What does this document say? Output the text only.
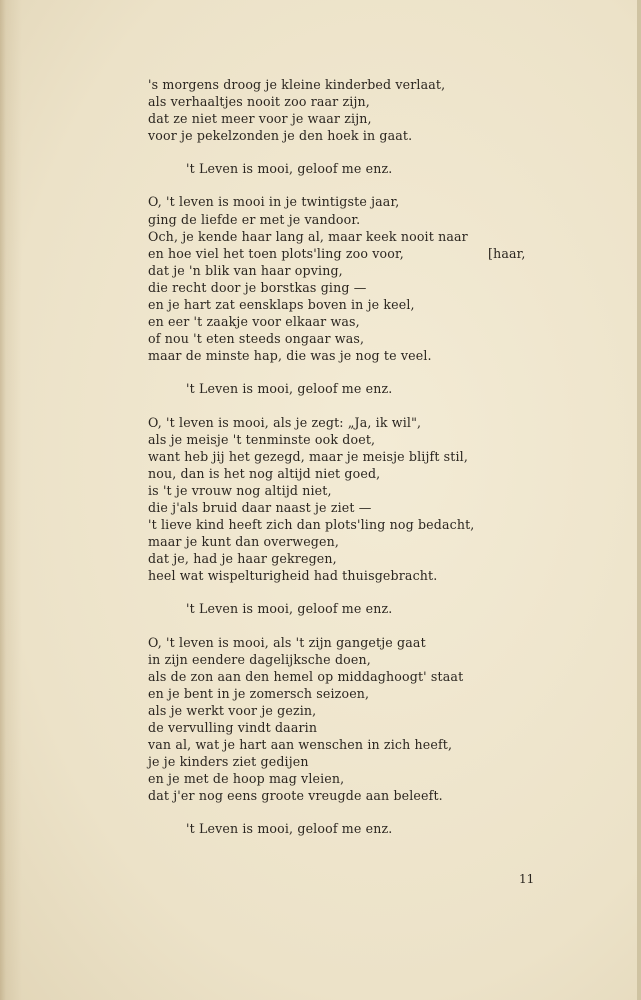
's morgens droog je kleine kinderbed verlaat,
als verhaaltjes nooit zoo raar zijn,
dat ze niet meer voor je waar zijn,
voor je pekelzonden je den hoek in gaat.
't Leven is mooi, geloof me enz.
O, 't leven is mooi in je twintigste jaar,
ging de liefde er met je vandoor.
Och, je kende haar lang al, maar keek nooit naar
en hoe viel het toen plots'ling zoo voor,	[haar,
dat je 'n blik van haar opving,
die recht door je borstkas ging —
en je hart zat eensklaps boven in je keel,
en eer 't zaakje voor elkaar was,
of nou 't eten steeds ongaar was,
maar de minste hap, die was je nog te veel.
't Leven is mooi, geloof me enz.
O, 't leven is mooi, als je zegt: „Ja, ik wil",
als je meisje 't tenminste ook doet,
want heb jij het gezegd, maar je meisje blijft stil,
nou, dan is het nog altijd niet goed,
is 't je vrouw nog altijd niet,
die j'als bruid daar naast je ziet —
't lieve kind heeft zich dan plots'ling nog bedacht,
maar je kunt dan overwegen,
dat je, had je haar gekregen,
heel wat wispelturigheid had thuisgebracht.
't Leven is mooi, geloof me enz.
O, 't leven is mooi, als 't zijn gangetje gaat
in zijn eendere dagelijksche doen,
als de zon aan den hemel op middaghoogt' staat
en je bent in je zomersch seizoen,
als je werkt voor je gezin,
de vervulling vindt daarin
van al, wat je hart aan wenschen in zich heeft,
je je kinders ziet gedijen
en je met de hoop mag vleien,
dat j'er nog eens groote vreugde aan beleeft.
't Leven is mooi, geloof me enz.
11
